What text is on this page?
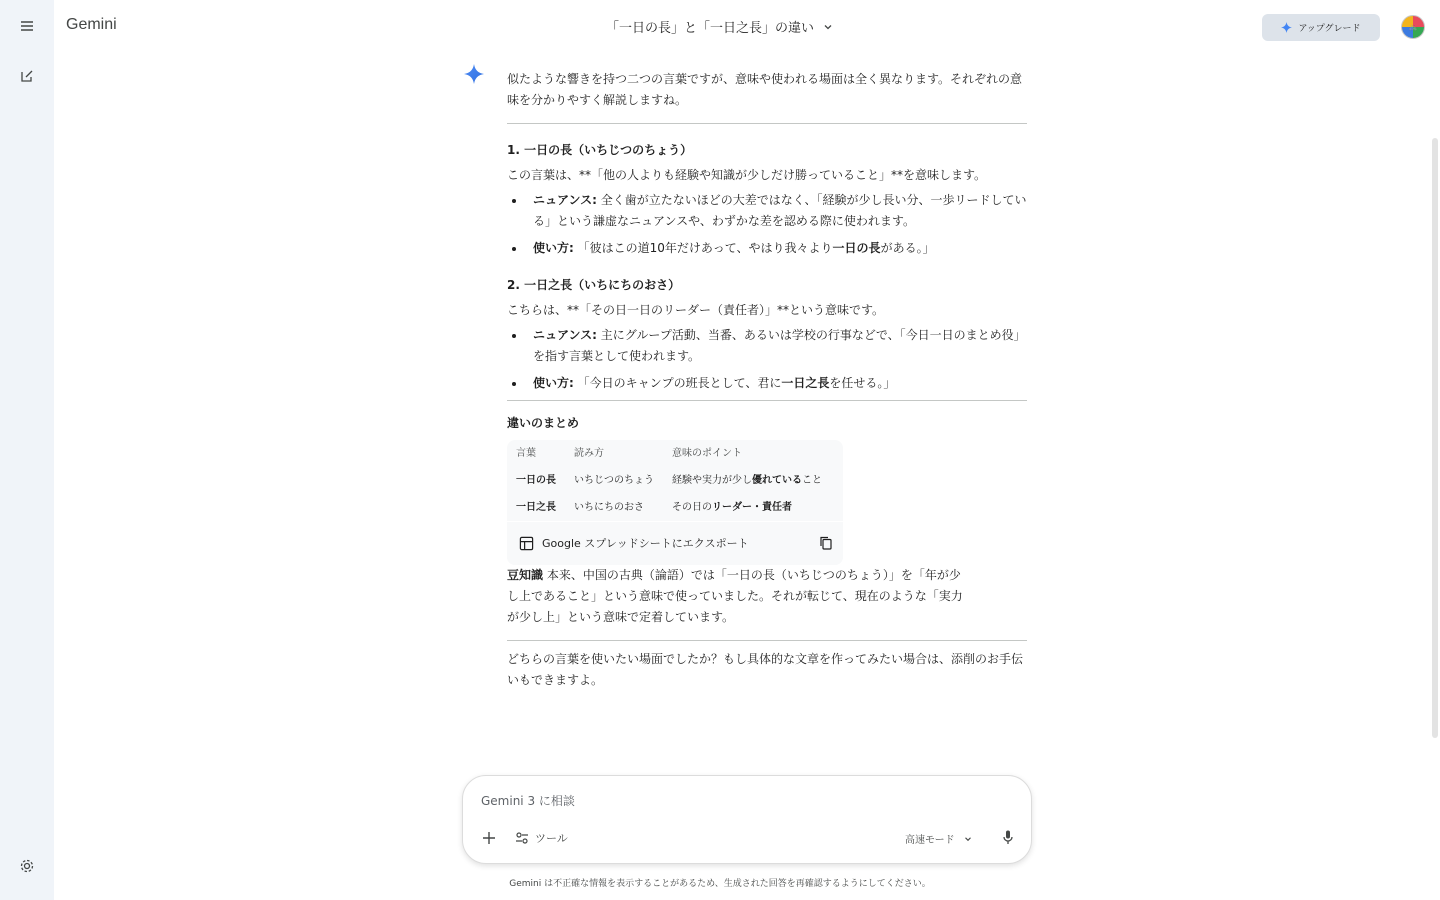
Gemini	「一日の長」と「一日之長」の違い	アップグレード	🚲

似たような響きを持つ二つの言葉ですが、意味や使われる場面は全く異なります。それぞれの意味を分かりやすく解説しますね。

1. 一日の長（いちじつのちょう）

この言葉は、**「他の人よりも経験や知識が少しだけ勝っていること」**を意味します。

ニュアンス: 全く歯が立たないほどの大差ではなく、「経験が少し長い分、一歩リードしている」という謙虚なニュアンスや、わずかな差を認める際に使われます。
使い方: 「彼はこの道10年だけあって、やはり我々より一日の長がある。」
2. 一日之長（いちにちのおさ）

こちらは、**「その日一日のリーダー（責任者）」**という意味です。

ニュアンス: 主にグループ活動、当番、あるいは学校の行事などで、「今日一日のまとめ役」を指す言葉として使われます。
使い方: 「今日のキャンプの班長として、君に一日之長を任せる。」
違いのまとめ
言葉	読み方	意味のポイント
一日の長	いちじつのちょう	経験や実力が少し優れていること
一日之長	いちにちのおさ	その日のリーダー・責任者
Google スプレッドシートにエクスポート

豆知識 本来、中国の古典（論語）では「一日の長（いちじつのちょう）」を「年が少し上であること」という意味で使っていました。それが転じて、現在のような「実力が少し上」という意味で定着しています。

どちらの言葉を使いたい場面でしたか？もし具体的な文章を作ってみたい場合は、添削のお手伝いもできますよ。

Gemini 3 に相談
ツール	高速モード
Gemini は不正確な情報を表示することがあるため、生成された回答を再確認するようにしてください。
